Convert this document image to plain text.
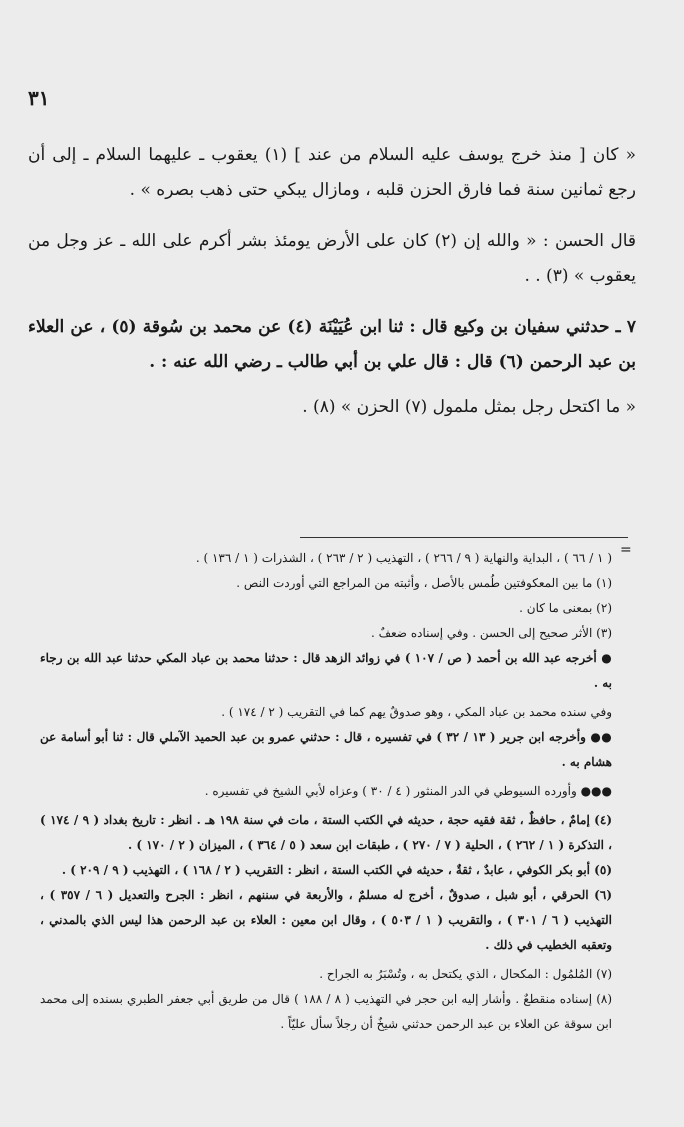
٣١

« كان [ منذ خرج يوسف عليه السلام من عند ] (١) يعقوب ـ عليهما السلام ـ إلى أن رجع ثمانين سنة فما فارق الحزن قلبه ، ومازال يبكي حتى ذهب بصره » .

قال الحسن : « والله إن (٢) كان على الأرض يومئذ بشر أكرم على الله ـ عز وجل من يعقوب » (٣) . .

٧ ـ حدثني سفيان بن وكيع قال : ثنا ابن عُيَيْنَة (٤) عن محمد بن سُوقة (٥) ، عن العلاء بن عبد الرحمن (٦) قال : قال علي بن أبي طالب ـ رضي الله عنه : .

« ما اكتحل رجل بمثل ملمول (٧) الحزن » (٨) .

=

( ١ / ٦٦ ) ، البداية والنهاية ( ٩ / ٢٦٦ ) ، التهذيب ( ٢ / ٢٦٣ ) ، الشذرات ( ١ / ١٣٦ ) .

(١) ما بين المعكوفتين طُمس بالأصل ، وأثبته من المراجع التي أوردت النص .

(٢) بمعنى ما كان .

(٣) الأثر صحيح إلى الحسن . وفي إسناده ضعفٌ .

● أخرجه عبد الله بن أحمد ( ص / ١٠٧ ) في زوائد الزهد قال : حدثنا محمد بن عباد المكي حدثنا عبد الله بن رجاء به .

وفي سنده محمد بن عباد المكي ، وهو صدوقٌ يهم كما في التقريب ( ٢ / ١٧٤ ) .

●● وأخرجه ابن جرير ( ١٣ / ٣٢ ) في تفسيره ، قال : حدثني عمرو بن عبد الحميد الآملي قال : ثنا أبو أسامة عن هشام به .

●●● وأورده السيوطي في الدر المنثور ( ٤ / ٣٠ ) وعزاه لأبي الشيخ في تفسيره .

(٤) إمامٌ ، حافظٌ ، ثقة فقيه حجة ، حديثه في الكتب الستة ، مات في سنة ١٩٨ هـ . انظر : تاريخ بغداد ( ٩ / ١٧٤ ) ، التذكرة ( ١ / ٢٦٢ ) ، الحلية ( ٧ / ٢٧٠ ) ، طبقات ابن سعد ( ٥ / ٣٦٤ ) ، الميزان ( ٢ / ١٧٠ ) .

(٥) أبو بكر الكوفي ، عابدٌ ، ثقةٌ ، حديثه في الكتب الستة ، انظر : التقريب ( ٢ / ١٦٨ ) ، التهذيب ( ٩ / ٢٠٩ ) .

(٦) الحرقي ، أبو شبل ، صدوقٌ ، أخرج له مسلمٌ ، والأربعة في سننهم ، انظر : الجرح والتعديل ( ٦ / ٣٥٧ ) ، التهذيب ( ٦ / ٣٠١ ) ، والتقريب ( ١ / ٥٠٣ ) ، وقال ابن معين : العلاء بن عبد الرحمن هذا ليس الذي بالمدني ، وتعقبه الخطيب في ذلك .

(٧) المُلمُول : المكحال ، الذي يكتحل به ، وتُسْبَرُ به الجراح .

(٨) إسناده منقطعٌ . وأشار إليه ابن حجر في التهذيب ( ٨ / ١٨٨ ) قال من طريق أبي جعفر الطبري بسنده إلى محمد ابن سوقة عن العلاء بن عبد الرحمن حدثني شيخٌ أن رجلاً سأل عليّاً .
